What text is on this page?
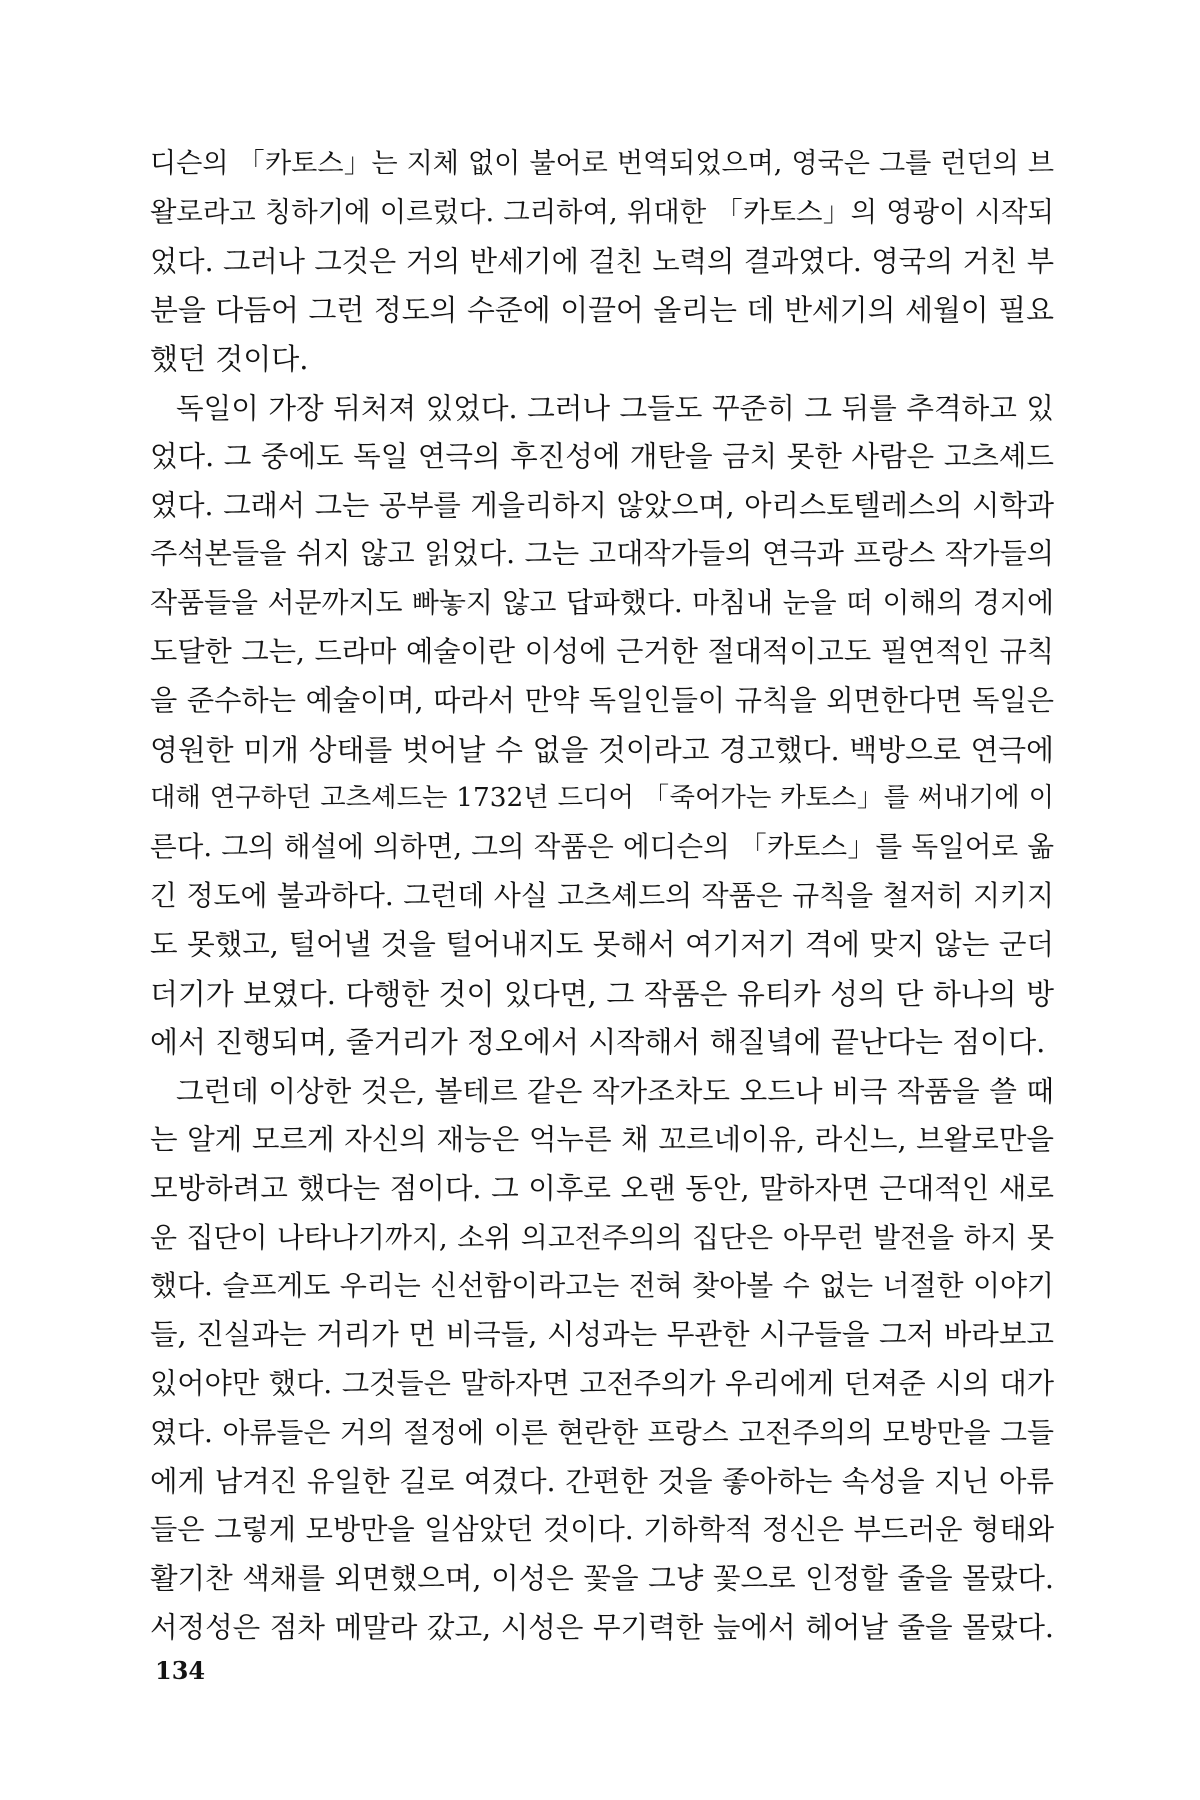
디슨의 「카토스」는 지체 없이 불어로 번역되었으며, 영국은 그를 런던의 브
왈로라고 칭하기에 이르렀다. 그리하여, 위대한 「카토스」의 영광이 시작되
었다. 그러나 그것은 거의 반세기에 걸친 노력의 결과였다. 영국의 거친 부
분을 다듬어 그런 정도의 수준에 이끌어 올리는 데 반세기의 세월이 필요
했던 것이다.
독일이 가장 뒤처져 있었다. 그러나 그들도 꾸준히 그 뒤를 추격하고 있
었다. 그 중에도 독일 연극의 후진성에 개탄을 금치 못한 사람은 고츠셰드
였다. 그래서 그는 공부를 게을리하지 않았으며, 아리스토텔레스의 시학과
주석본들을 쉬지 않고 읽었다. 그는 고대작가들의 연극과 프랑스 작가들의
작품들을 서문까지도 빠놓지 않고 답파했다. 마침내 눈을 떠 이해의 경지에
도달한 그는, 드라마 예술이란 이성에 근거한 절대적이고도 필연적인 규칙
을 준수하는 예술이며, 따라서 만약 독일인들이 규칙을 외면한다면 독일은
영원한 미개 상태를 벗어날 수 없을 것이라고 경고했다. 백방으로 연극에
대해 연구하던 고츠셰드는 1732년 드디어 「죽어가는 카토스」를 써내기에 이
른다. 그의 해설에 의하면, 그의 작품은 에디슨의 「카토스」를 독일어로 옮
긴 정도에 불과하다. 그런데 사실 고츠셰드의 작품은 규칙을 철저히 지키지
도 못했고, 털어낼 것을 털어내지도 못해서 여기저기 격에 맞지 않는 군더
더기가 보였다. 다행한 것이 있다면, 그 작품은 유티카 성의 단 하나의 방
에서 진행되며, 줄거리가 정오에서 시작해서 해질녘에 끝난다는 점이다.
그런데 이상한 것은, 볼테르 같은 작가조차도 오드나 비극 작품을 쓸 때
는 알게 모르게 자신의 재능은 억누른 채 꼬르네이유, 라신느, 브왈로만을
모방하려고 했다는 점이다. 그 이후로 오랜 동안, 말하자면 근대적인 새로
운 집단이 나타나기까지, 소위 의고전주의의 집단은 아무런 발전을 하지 못
했다. 슬프게도 우리는 신선함이라고는 전혀 찾아볼 수 없는 너절한 이야기
들, 진실과는 거리가 먼 비극들, 시성과는 무관한 시구들을 그저 바라보고
있어야만 했다. 그것들은 말하자면 고전주의가 우리에게 던져준 시의 대가
였다. 아류들은 거의 절정에 이른 현란한 프랑스 고전주의의 모방만을 그들
에게 남겨진 유일한 길로 여겼다. 간편한 것을 좋아하는 속성을 지닌 아류
들은 그렇게 모방만을 일삼았던 것이다. 기하학적 정신은 부드러운 형태와
활기찬 색채를 외면했으며, 이성은 꽃을 그냥 꽃으로 인정할 줄을 몰랐다.
서정성은 점차 메말라 갔고, 시성은 무기력한 늪에서 헤어날 줄을 몰랐다.
134
